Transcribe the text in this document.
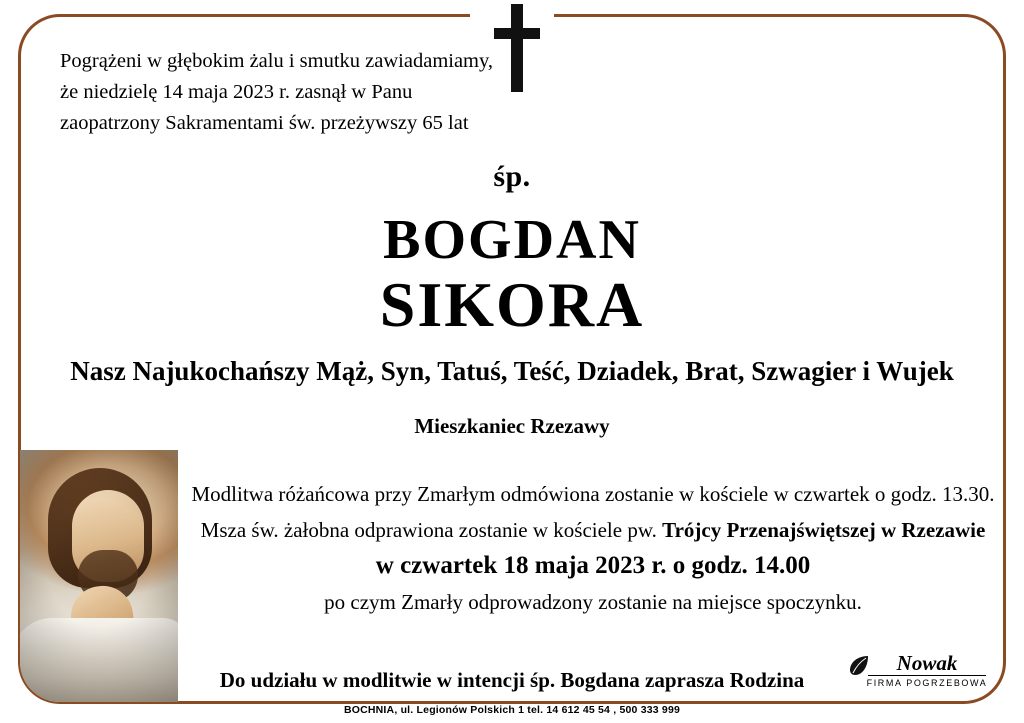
Pogrążeni w głębokim żalu i smutku zawiadamiamy,
że niedzielę 14 maja 2023 r. zasnął w Panu
zaopatrzony Sakramentami św. przeżywszy 65 lat
śp.
BOGDAN
SIKORA
Nasz Najukochańszy Mąż, Syn, Tatuś, Teść, Dziadek, Brat, Szwagier i Wujek
Mieszkaniec Rzezawy
Modlitwa różańcowa przy Zmarłym odmówiona zostanie w kościele w czwartek o godz. 13.30.
Msza św. żałobna odprawiona zostanie w kościele pw. Trójcy Przenajświętszej w Rzezawie
w czwartek 18 maja 2023 r. o godz. 14.00
po czym Zmarły odprowadzony zostanie na miejsce spoczynku.
Do udziału w modlitwie w intencji śp. Bogdana zaprasza Rodzina
Nowak
FIRMA POGRZEBOWA
BOCHNIA, ul. Legionów Polskich 1 tel. 14 612 45 54 , 500 333 999
